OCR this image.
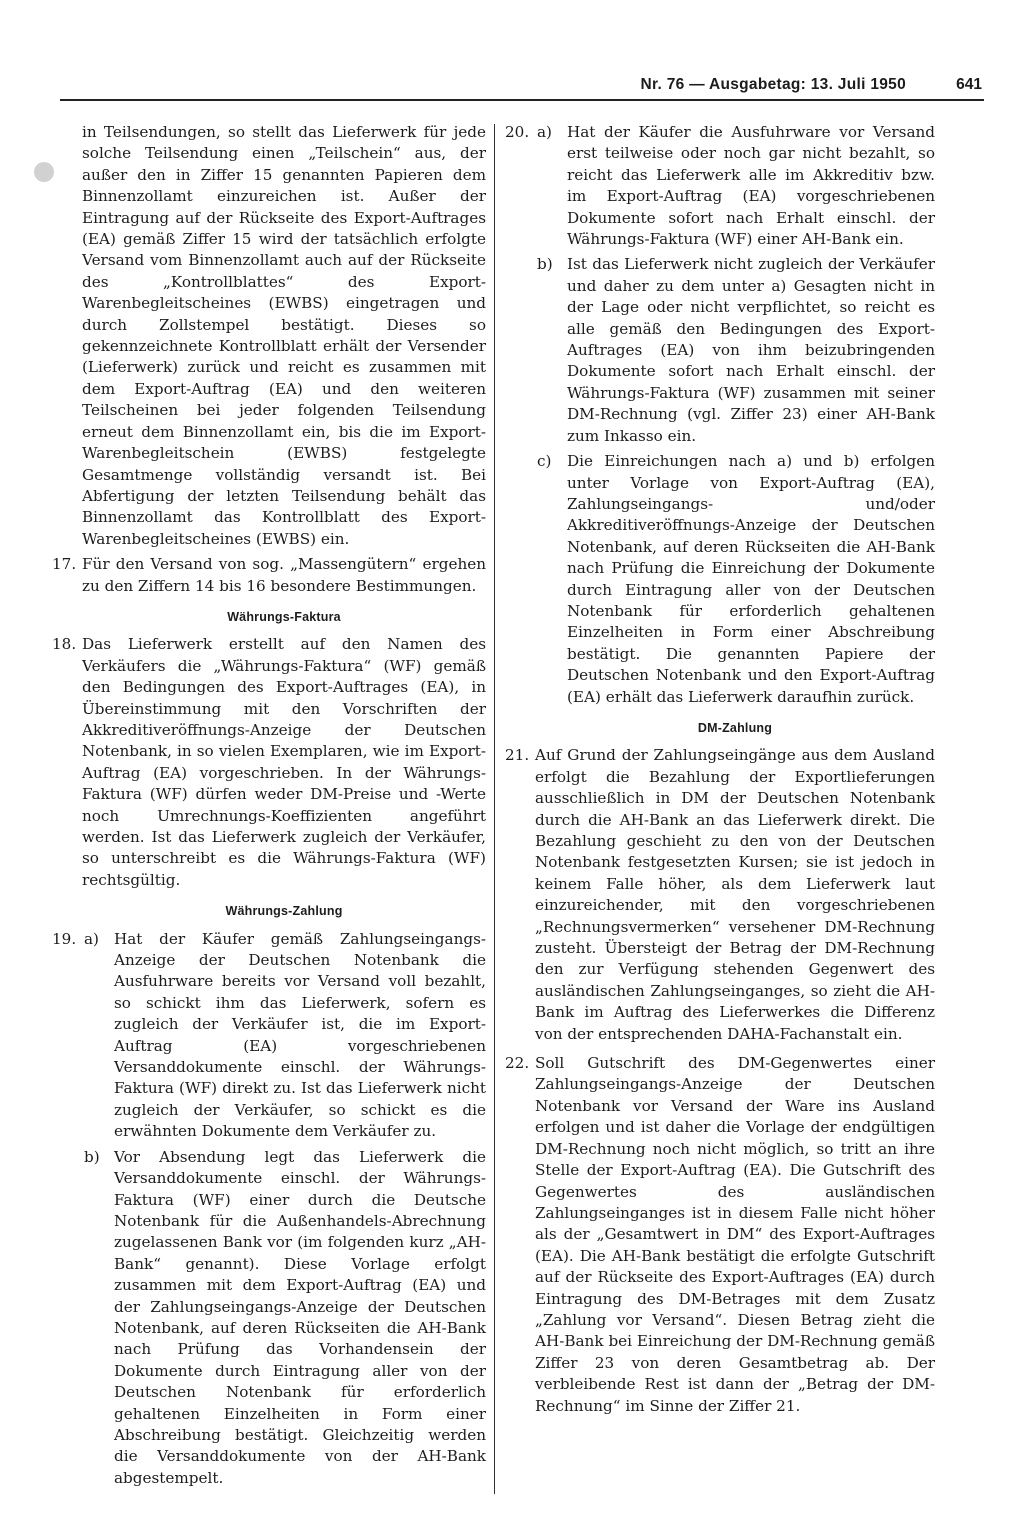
Nr. 76 — Ausgabetag: 13. Juli 1950	641

in Teilsendungen, so stellt das Lieferwerk für jede solche Teilsendung einen „Teilschein“ aus, der außer den in Ziffer 15 genannten Papieren dem Binnenzollamt einzureichen ist. Außer der Eintragung auf der Rückseite des Export-Auftrages (EA) gemäß Ziffer 15 wird der tatsächlich erfolgte Versand vom Binnenzollamt auch auf der Rückseite des „Kontrollblattes“ des Export-Warenbegleitscheines (EWBS) eingetragen und durch Zollstempel bestätigt. Dieses so gekennzeichnete Kontrollblatt erhält der Versender (Lieferwerk) zurück und reicht es zusammen mit dem Export-Auftrag (EA) und den weiteren Teilscheinen bei jeder folgenden Teilsendung erneut dem Binnenzollamt ein, bis die im Export-Warenbegleitschein (EWBS) festgelegte Gesamtmenge vollständig versandt ist. Bei Abfertigung der letzten Teilsendung behält das Binnenzollamt das Kontrollblatt des Export-Warenbegleitscheines (EWBS) ein.

17. Für den Versand von sog. „Massengütern“ ergehen zu den Ziffern 14 bis 16 besondere Bestimmungen.

Währungs-Faktura
18. Das Lieferwerk erstellt auf den Namen des Verkäufers die „Währungs-Faktura“ (WF) gemäß den Bedingungen des Export-Auftrages (EA), in Übereinstimmung mit den Vorschriften der Akkreditiveröffnungs-Anzeige der Deutschen Notenbank, in so vielen Exemplaren, wie im Export-Auftrag (EA) vorgeschrieben. In der Währungs-Faktura (WF) dürfen weder DM-Preise und -Werte noch Umrechnungs-Koeffizienten angeführt werden. Ist das Lieferwerk zugleich der Verkäufer, so unterschreibt es die Währungs-Faktura (WF) rechtsgültig.

Währungs-Zahlung
19. a) Hat der Käufer gemäß Zahlungseingangs-Anzeige der Deutschen Notenbank die Ausfuhrware bereits vor Versand voll bezahlt, so schickt ihm das Lieferwerk, sofern es zugleich der Verkäufer ist, die im Export-Auftrag (EA) vorgeschriebenen Versanddokumente einschl. der Währungs-Faktura (WF) direkt zu. Ist das Lieferwerk nicht zugleich der Verkäufer, so schickt es die erwähnten Dokumente dem Verkäufer zu.

b) Vor Absendung legt das Lieferwerk die Versanddokumente einschl. der Währungs-Faktura (WF) einer durch die Deutsche Notenbank für die Außenhandels-Abrechnung zugelassenen Bank vor (im folgenden kurz „AH-Bank“ genannt). Diese Vorlage erfolgt zusammen mit dem Export-Auftrag (EA) und der Zahlungseingangs-Anzeige der Deutschen Notenbank, auf deren Rückseiten die AH-Bank nach Prüfung das Vorhandensein der Dokumente durch Eintragung aller von der Deutschen Notenbank für erforderlich gehaltenen Einzelheiten in Form einer Abschreibung bestätigt. Gleichzeitig werden die Versanddokumente von der AH-Bank abgestempelt.

20. a) Hat der Käufer die Ausfuhrware vor Versand erst teilweise oder noch gar nicht bezahlt, so reicht das Lieferwerk alle im Akkreditiv bzw. im Export-Auftrag (EA) vorgeschriebenen Dokumente sofort nach Erhalt einschl. der Währungs-Faktura (WF) einer AH-Bank ein.

b) Ist das Lieferwerk nicht zugleich der Verkäufer und daher zu dem unter a) Gesagten nicht in der Lage oder nicht verpflichtet, so reicht es alle gemäß den Bedingungen des Export-Auftrages (EA) von ihm beizubringenden Dokumente sofort nach Erhalt einschl. der Währungs-Faktura (WF) zusammen mit seiner DM-Rechnung (vgl. Ziffer 23) einer AH-Bank zum Inkasso ein.

c) Die Einreichungen nach a) und b) erfolgen unter Vorlage von Export-Auftrag (EA), Zahlungseingangs- und/oder Akkreditiveröffnungs-Anzeige der Deutschen Notenbank, auf deren Rückseiten die AH-Bank nach Prüfung die Einreichung der Dokumente durch Eintragung aller von der Deutschen Notenbank für erforderlich gehaltenen Einzelheiten in Form einer Abschreibung bestätigt. Die genannten Papiere der Deutschen Notenbank und den Export-Auftrag (EA) erhält das Lieferwerk daraufhin zurück.

DM-Zahlung
21. Auf Grund der Zahlungseingänge aus dem Ausland erfolgt die Bezahlung der Exportlieferungen ausschließlich in DM der Deutschen Notenbank durch die AH-Bank an das Lieferwerk direkt. Die Bezahlung geschieht zu den von der Deutschen Notenbank festgesetzten Kursen; sie ist jedoch in keinem Falle höher, als dem Lieferwerk laut einzureichender, mit den vorgeschriebenen „Rechnungsvermerken“ versehener DM-Rechnung zusteht. Übersteigt der Betrag der DM-Rechnung den zur Verfügung stehenden Gegenwert des ausländischen Zahlungseinganges, so zieht die AH-Bank im Auftrag des Lieferwerkes die Differenz von der entsprechenden DAHA-Fachanstalt ein.

22. Soll Gutschrift des DM-Gegenwertes einer Zahlungseingangs-Anzeige der Deutschen Notenbank vor Versand der Ware ins Ausland erfolgen und ist daher die Vorlage der endgültigen DM-Rechnung noch nicht möglich, so tritt an ihre Stelle der Export-Auftrag (EA). Die Gutschrift des Gegenwertes des ausländischen Zahlungseinganges ist in diesem Falle nicht höher als der „Gesamtwert in DM“ des Export-Auftrages (EA). Die AH-Bank bestätigt die erfolgte Gutschrift auf der Rückseite des Export-Auftrages (EA) durch Eintragung des DM-Betrages mit dem Zusatz „Zahlung vor Versand“. Diesen Betrag zieht die AH-Bank bei Einreichung der DM-Rechnung gemäß Ziffer 23 von deren Gesamtbetrag ab. Der verbleibende Rest ist dann der „Betrag der DM-Rechnung“ im Sinne der Ziffer 21.
